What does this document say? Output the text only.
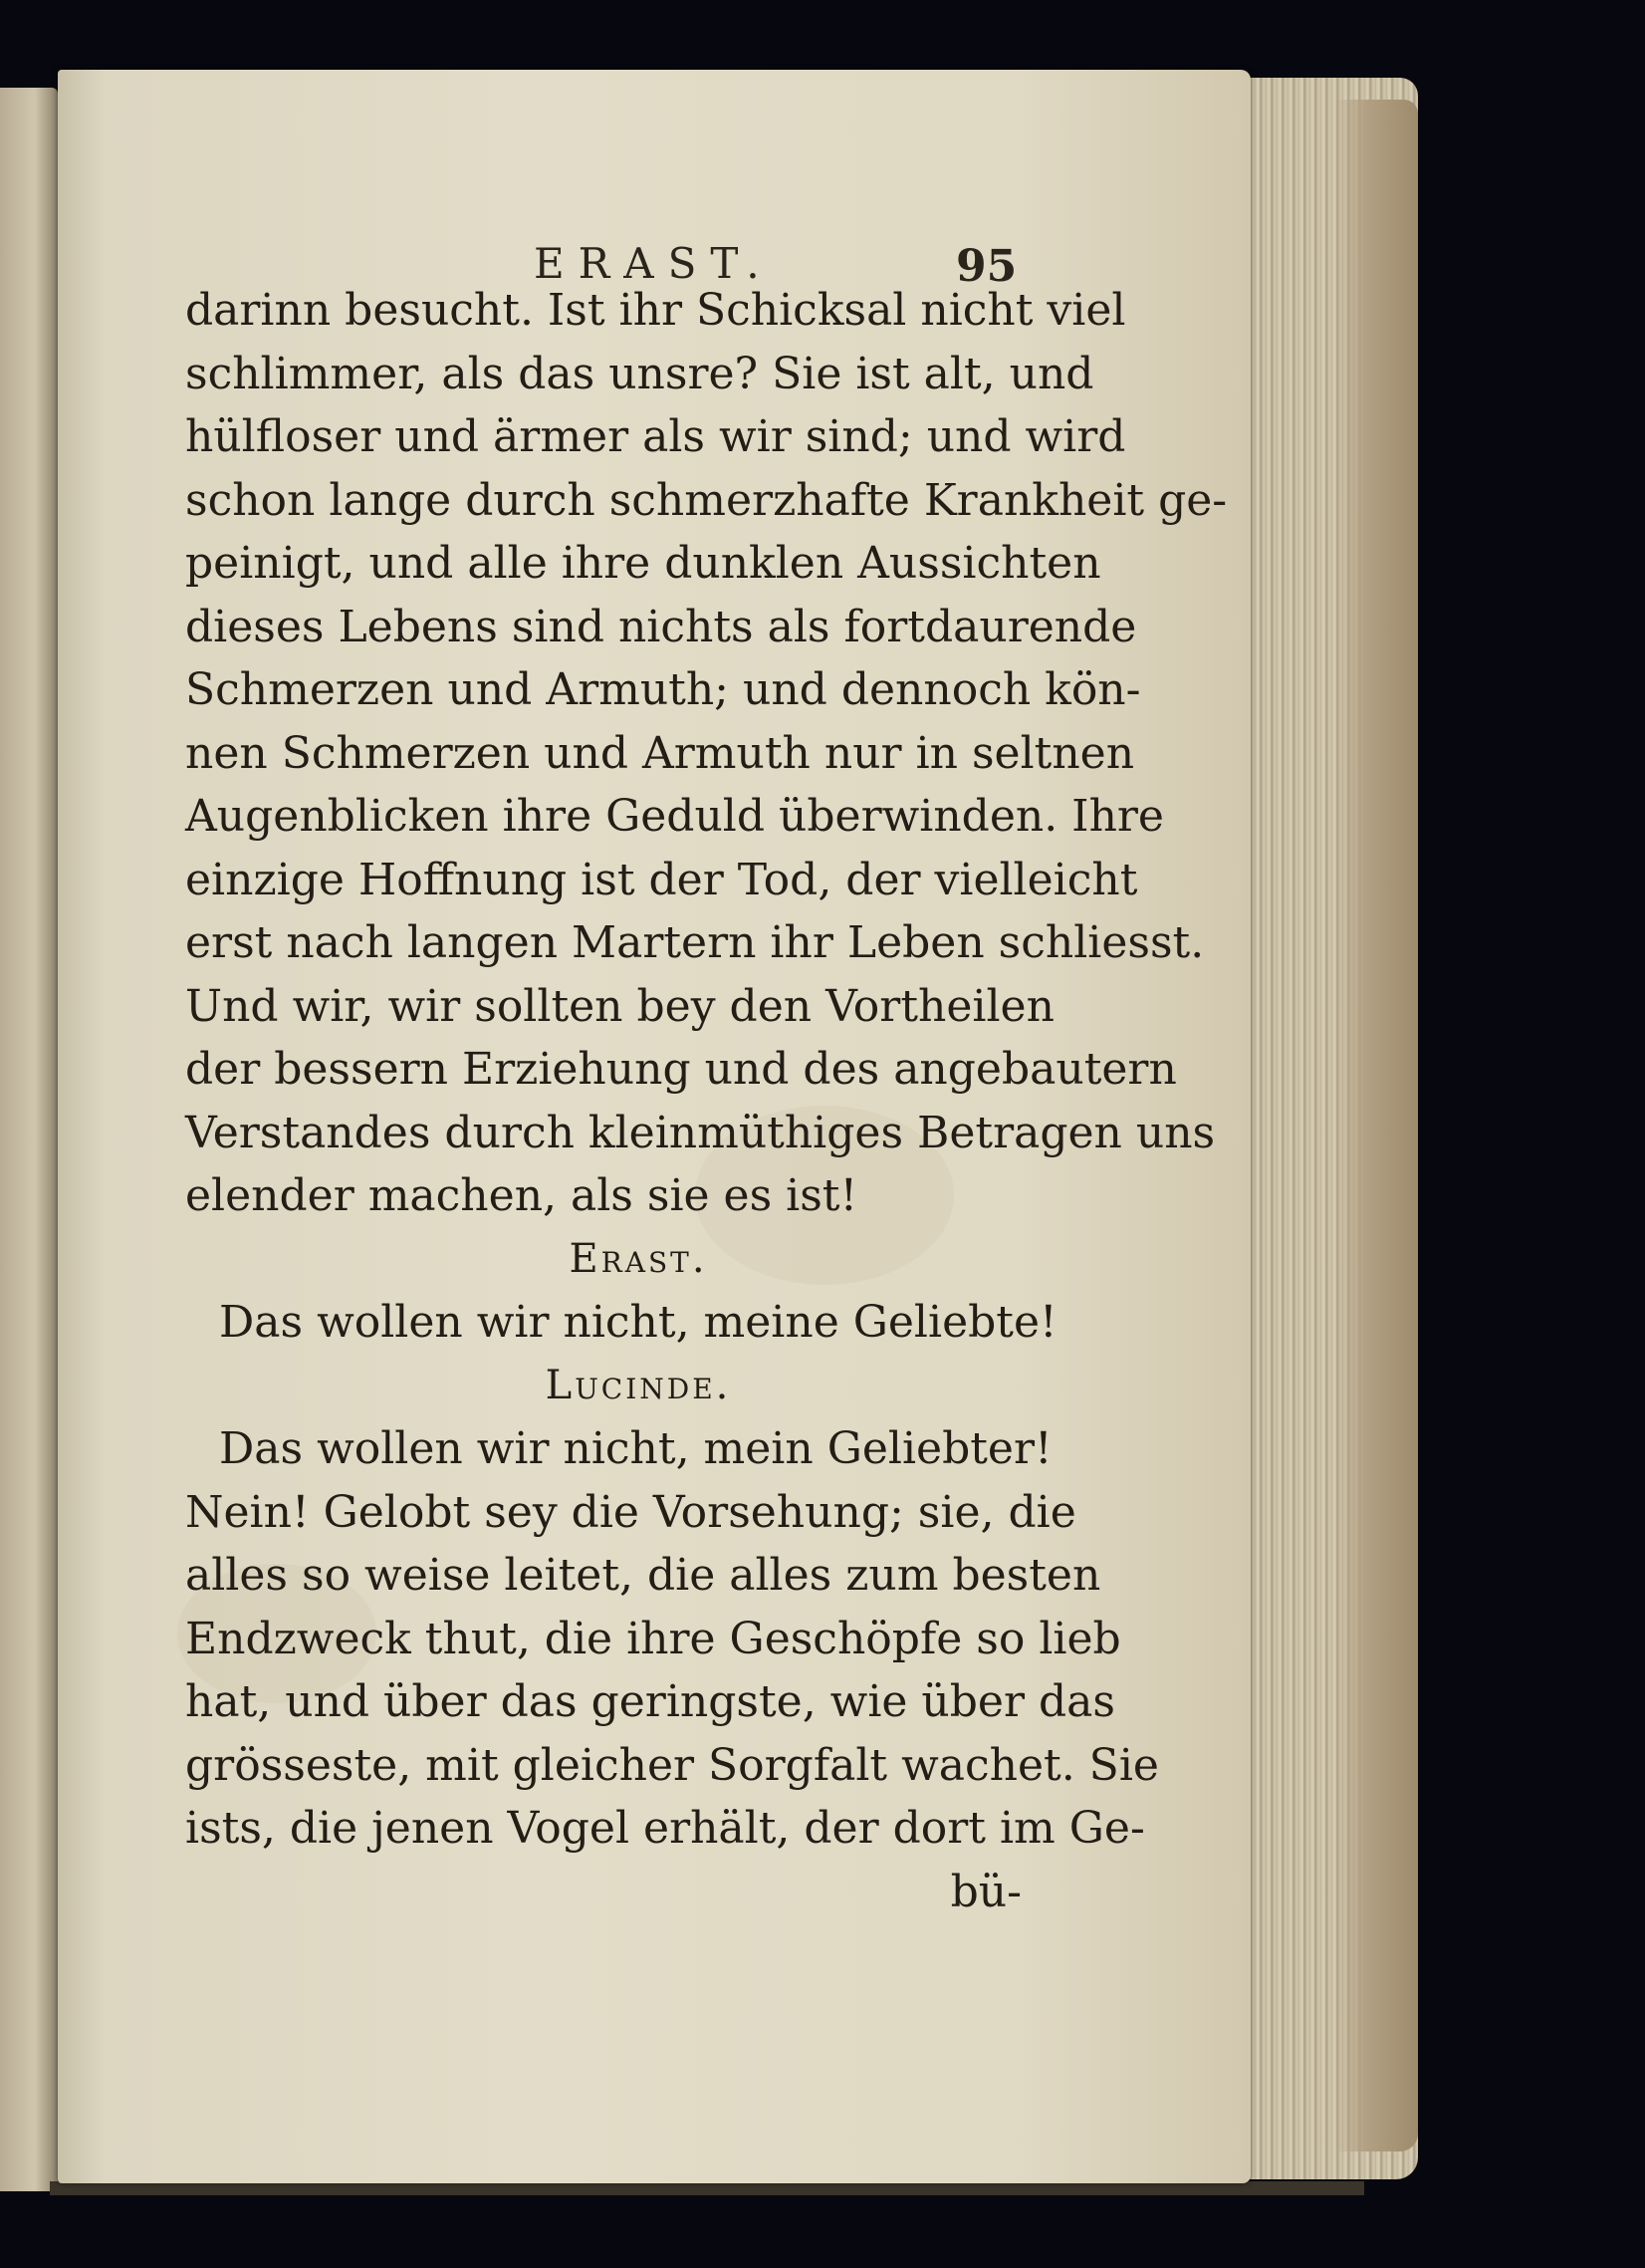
ERAST.	95
darinn besucht. Ist ihr Schicksal nicht viel
schlimmer, als das unsre? Sie ist alt, und
hülfloser und ärmer als wir sind; und wird
schon lange durch schmerzhafte Krankheit ge-
peinigt, und alle ihre dunklen Aussichten
dieses Lebens sind nichts als fortdaurende
Schmerzen und Armuth; und dennoch kön-
nen Schmerzen und Armuth nur in seltnen
Augenblicken ihre Geduld überwinden. Ihre
einzige Hoffnung ist der Tod, der vielleicht
erst nach langen Martern ihr Leben schliesst.
Und wir, wir sollten bey den Vortheilen
der bessern Erziehung und des angebautern
Verstandes durch kleinmüthiges Betragen uns
elender machen, als sie es ist!
Erast.
Das wollen wir nicht, meine Geliebte!
Lucinde.
Das wollen wir nicht, mein Geliebter!
Nein! Gelobt sey die Vorsehung; sie, die
alles so weise leitet, die alles zum besten
Endzweck thut, die ihre Geschöpfe so lieb
hat, und über das geringste, wie über das
grösseste, mit gleicher Sorgfalt wachet. Sie
ists, die jenen Vogel erhält, der dort im Ge-
bü-
